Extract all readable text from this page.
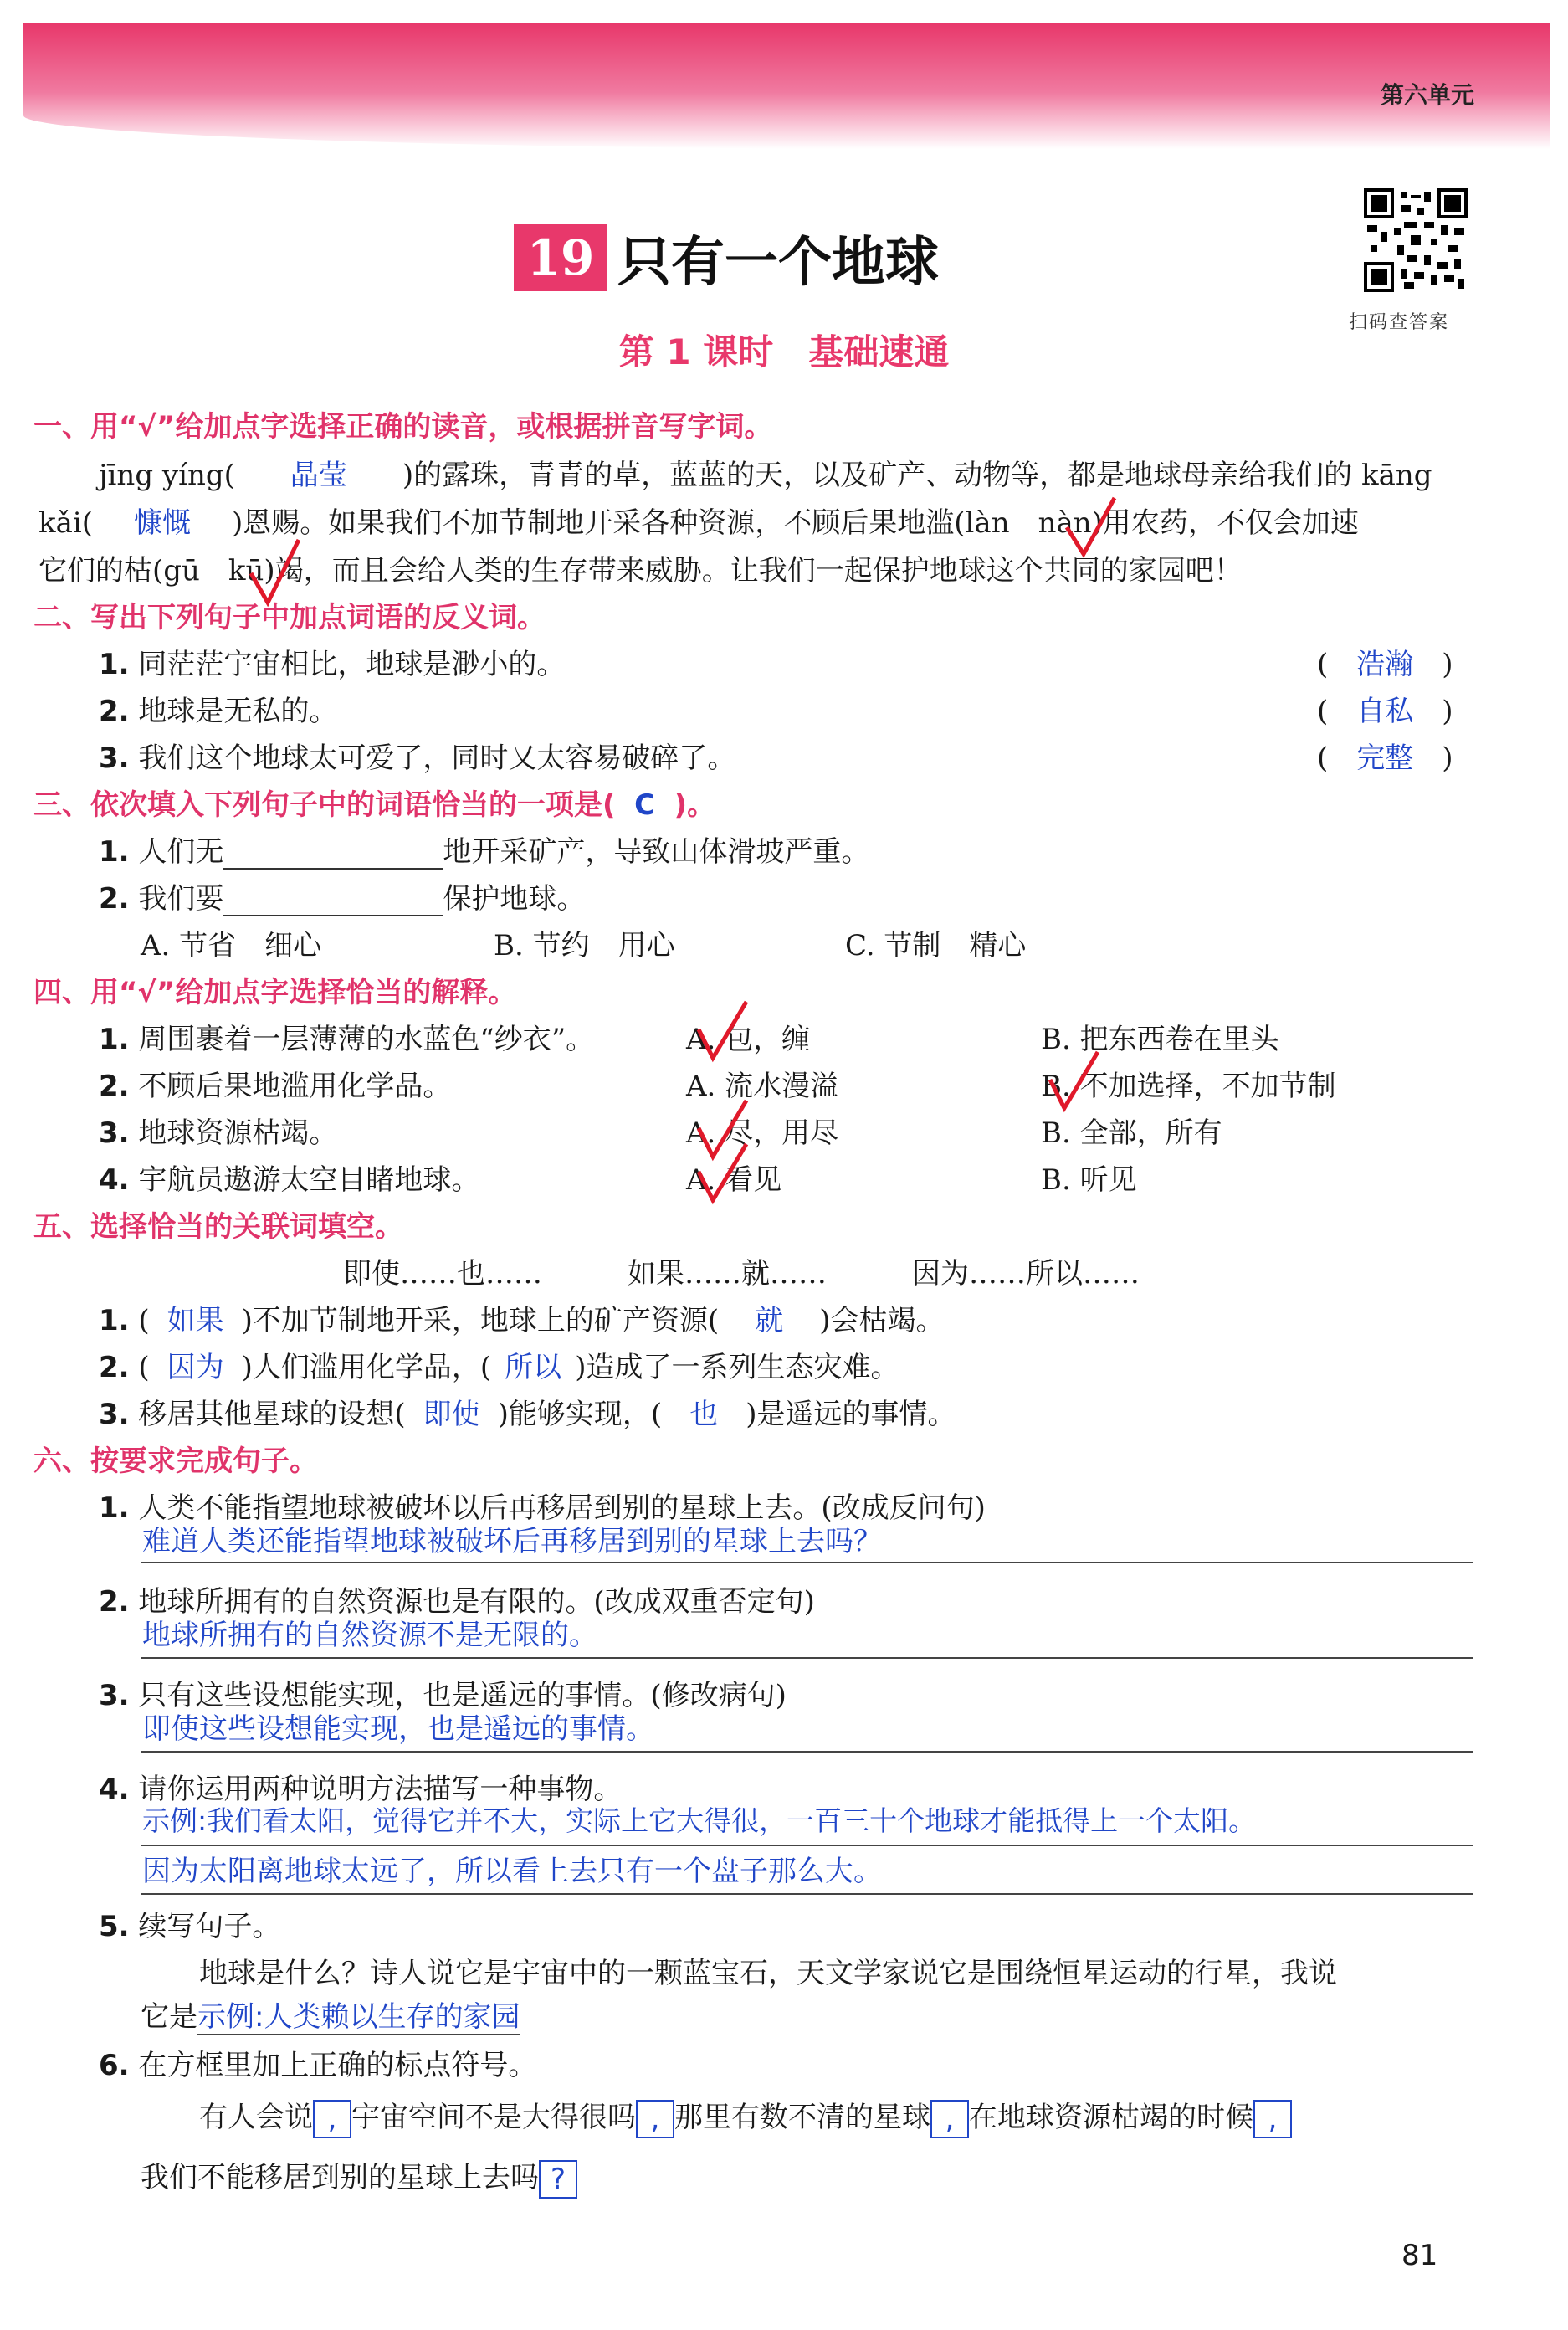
第六单元
扫码查答案
19 只有一个地球
第 1 课时　基础速通
一、用“√”给加点字选择正确的读音，或根据拼音写字词。
jīng yíng( 晶莹 )的露珠，青青的草，蓝蓝的天，以及矿产、动物等，都是地球母亲给我们的 kāng
kǎi( 慷慨 )恩赐。如果我们不加节制地开采各种资源，不顾后果地滥(làn　nàn)用农药，不仅会加速
它们的枯(gū　kū)竭，而且会给人类的生存带来威胁。让我们一起保护地球这个共同的家园吧！
二、写出下列句子中加点词语的反义词。
1. 同茫茫宇宙相比，地球是渺小的。	(　浩瀚　)
2. 地球是无私的。	(　自私　)
3. 我们这个地球太可爱了，同时又太容易破碎了。	(　完整　)
三、依次填入下列句子中的词语恰当的一项是( C )。
1. 人们无	地开采矿产，导致山体滑坡严重。
2. 我们要	保护地球。
A. 节省　细心	B. 节约　用心	C. 节制　精心
四、用“√”给加点字选择恰当的解释。
1. 周围裹着一层薄薄的水蓝色“纱衣”。	A. 包，缠	B. 把东西卷在里头
2. 不顾后果地滥用化学品。	A. 流水漫溢	B. 不加选择，不加节制
3. 地球资源枯竭。	A. 尽，用尽	B. 全部，所有
4. 宇航员遨游太空目睹地球。	A. 看见	B. 听见
五、选择恰当的关联词填空。
即使……也……　　　如果……就……　　　因为……所以……
1. ( 如果 )不加节制地开采，地球上的矿产资源( 就 )会枯竭。
2. ( 因为 )人们滥用化学品，( 所以 )造成了一系列生态灾难。
3. 移居其他星球的设想( 即使 )能够实现，( 也 )是遥远的事情。
六、按要求完成句子。
1. 人类不能指望地球被破坏以后再移居到别的星球上去。(改成反问句)
难道人类还能指望地球被破坏后再移居到别的星球上去吗？
2. 地球所拥有的自然资源也是有限的。(改成双重否定句)
地球所拥有的自然资源不是无限的。
3. 只有这些设想能实现，也是遥远的事情。(修改病句)
即使这些设想能实现，也是遥远的事情。
4. 请你运用两种说明方法描写一种事物。
示例:我们看太阳，觉得它并不大，实际上它大得很，一百三十个地球才能抵得上一个太阳。
因为太阳离地球太远了，所以看上去只有一个盘子那么大。
5. 续写句子。
地球是什么？诗人说它是宇宙中的一颗蓝宝石，天文学家说它是围绕恒星运动的行星，我说
它是示例:人类赖以生存的家园
6. 在方框里加上正确的标点符号。
有人会说 , 宇宙空间不是大得很吗 , 那里有数不清的星球 , 在地球资源枯竭的时候 ,
我们不能移居到别的星球上去吗 ?
81
